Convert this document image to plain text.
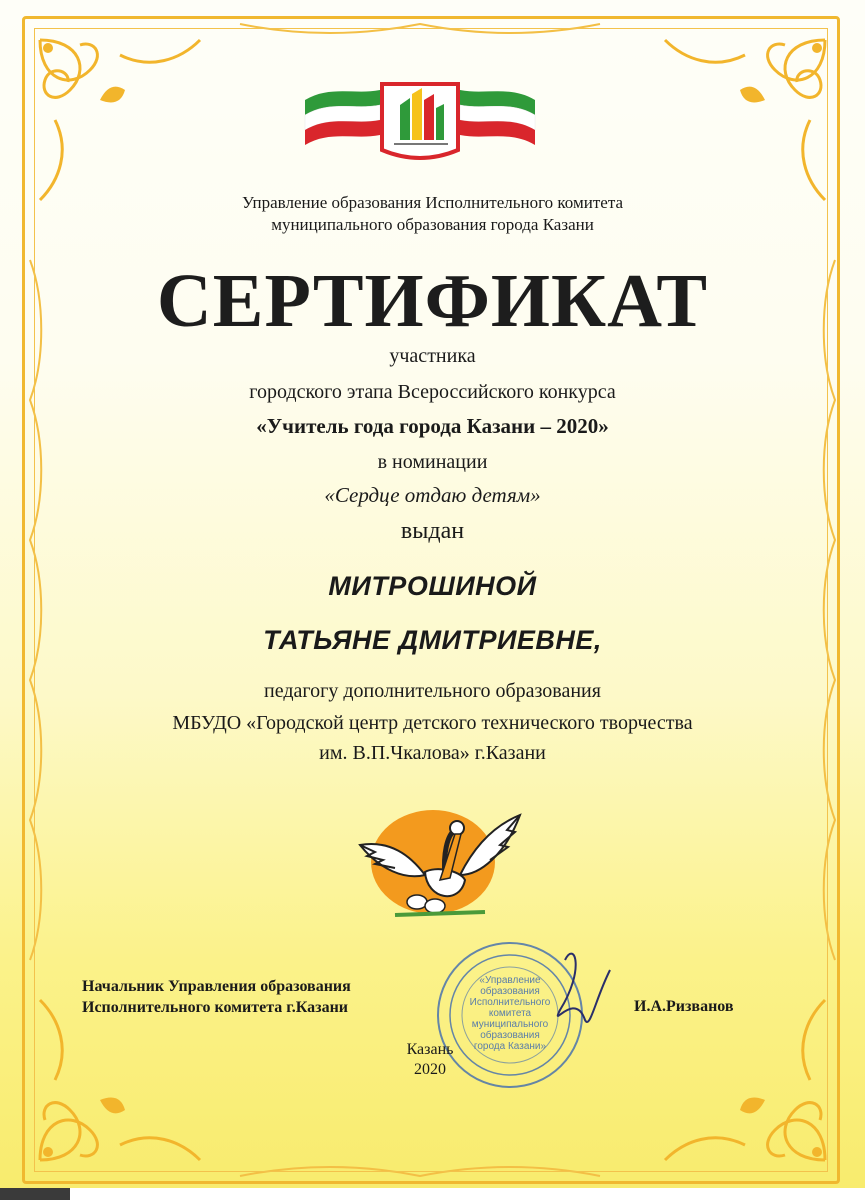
Управление образования Исполнительного комитета
муниципального образования города Казани
СЕРТИФИКАТ
участника
городского этапа Всероссийского конкурса
«Учитель года города Казани – 2020»
в номинации
«Сердце отдаю детям»
выдан
МИТРОШИНОЙ
ТАТЬЯНЕ ДМИТРИЕВНЕ,
педагогу дополнительного образования
МБУДО «Городской центр детского технического творчества
им. В.П.Чкалова» г.Казани
«Управление
образования
Исполнительного
комитета
муниципального
образования
города Казани»
Начальник Управления образования
Исполнительного комитета г.Казани	И.А.Ризванов
Казань
2020
